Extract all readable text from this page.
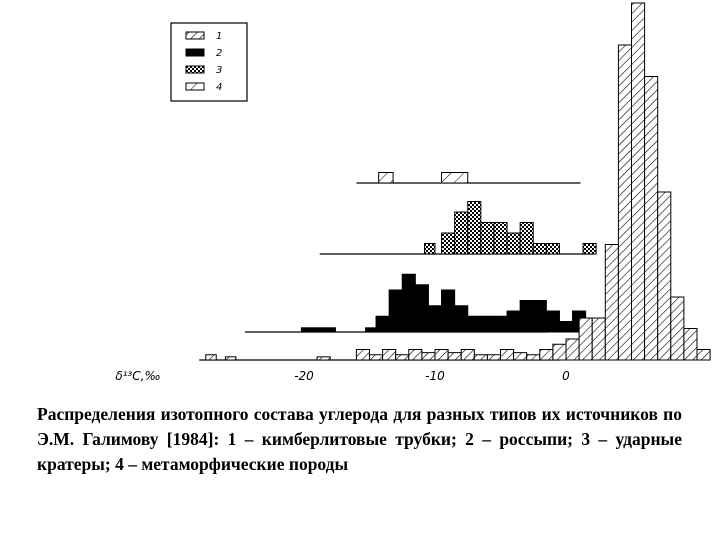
1
2
3
4
δ¹³C,‰	-20	-10	0
Распределения изотопного состава углерода для разных типов их источников по Э.М. Галимову [1984]: 1 – кимберлитовые трубки; 2 – россыпи; 3 – ударные кратеры; 4 – метаморфические породы
